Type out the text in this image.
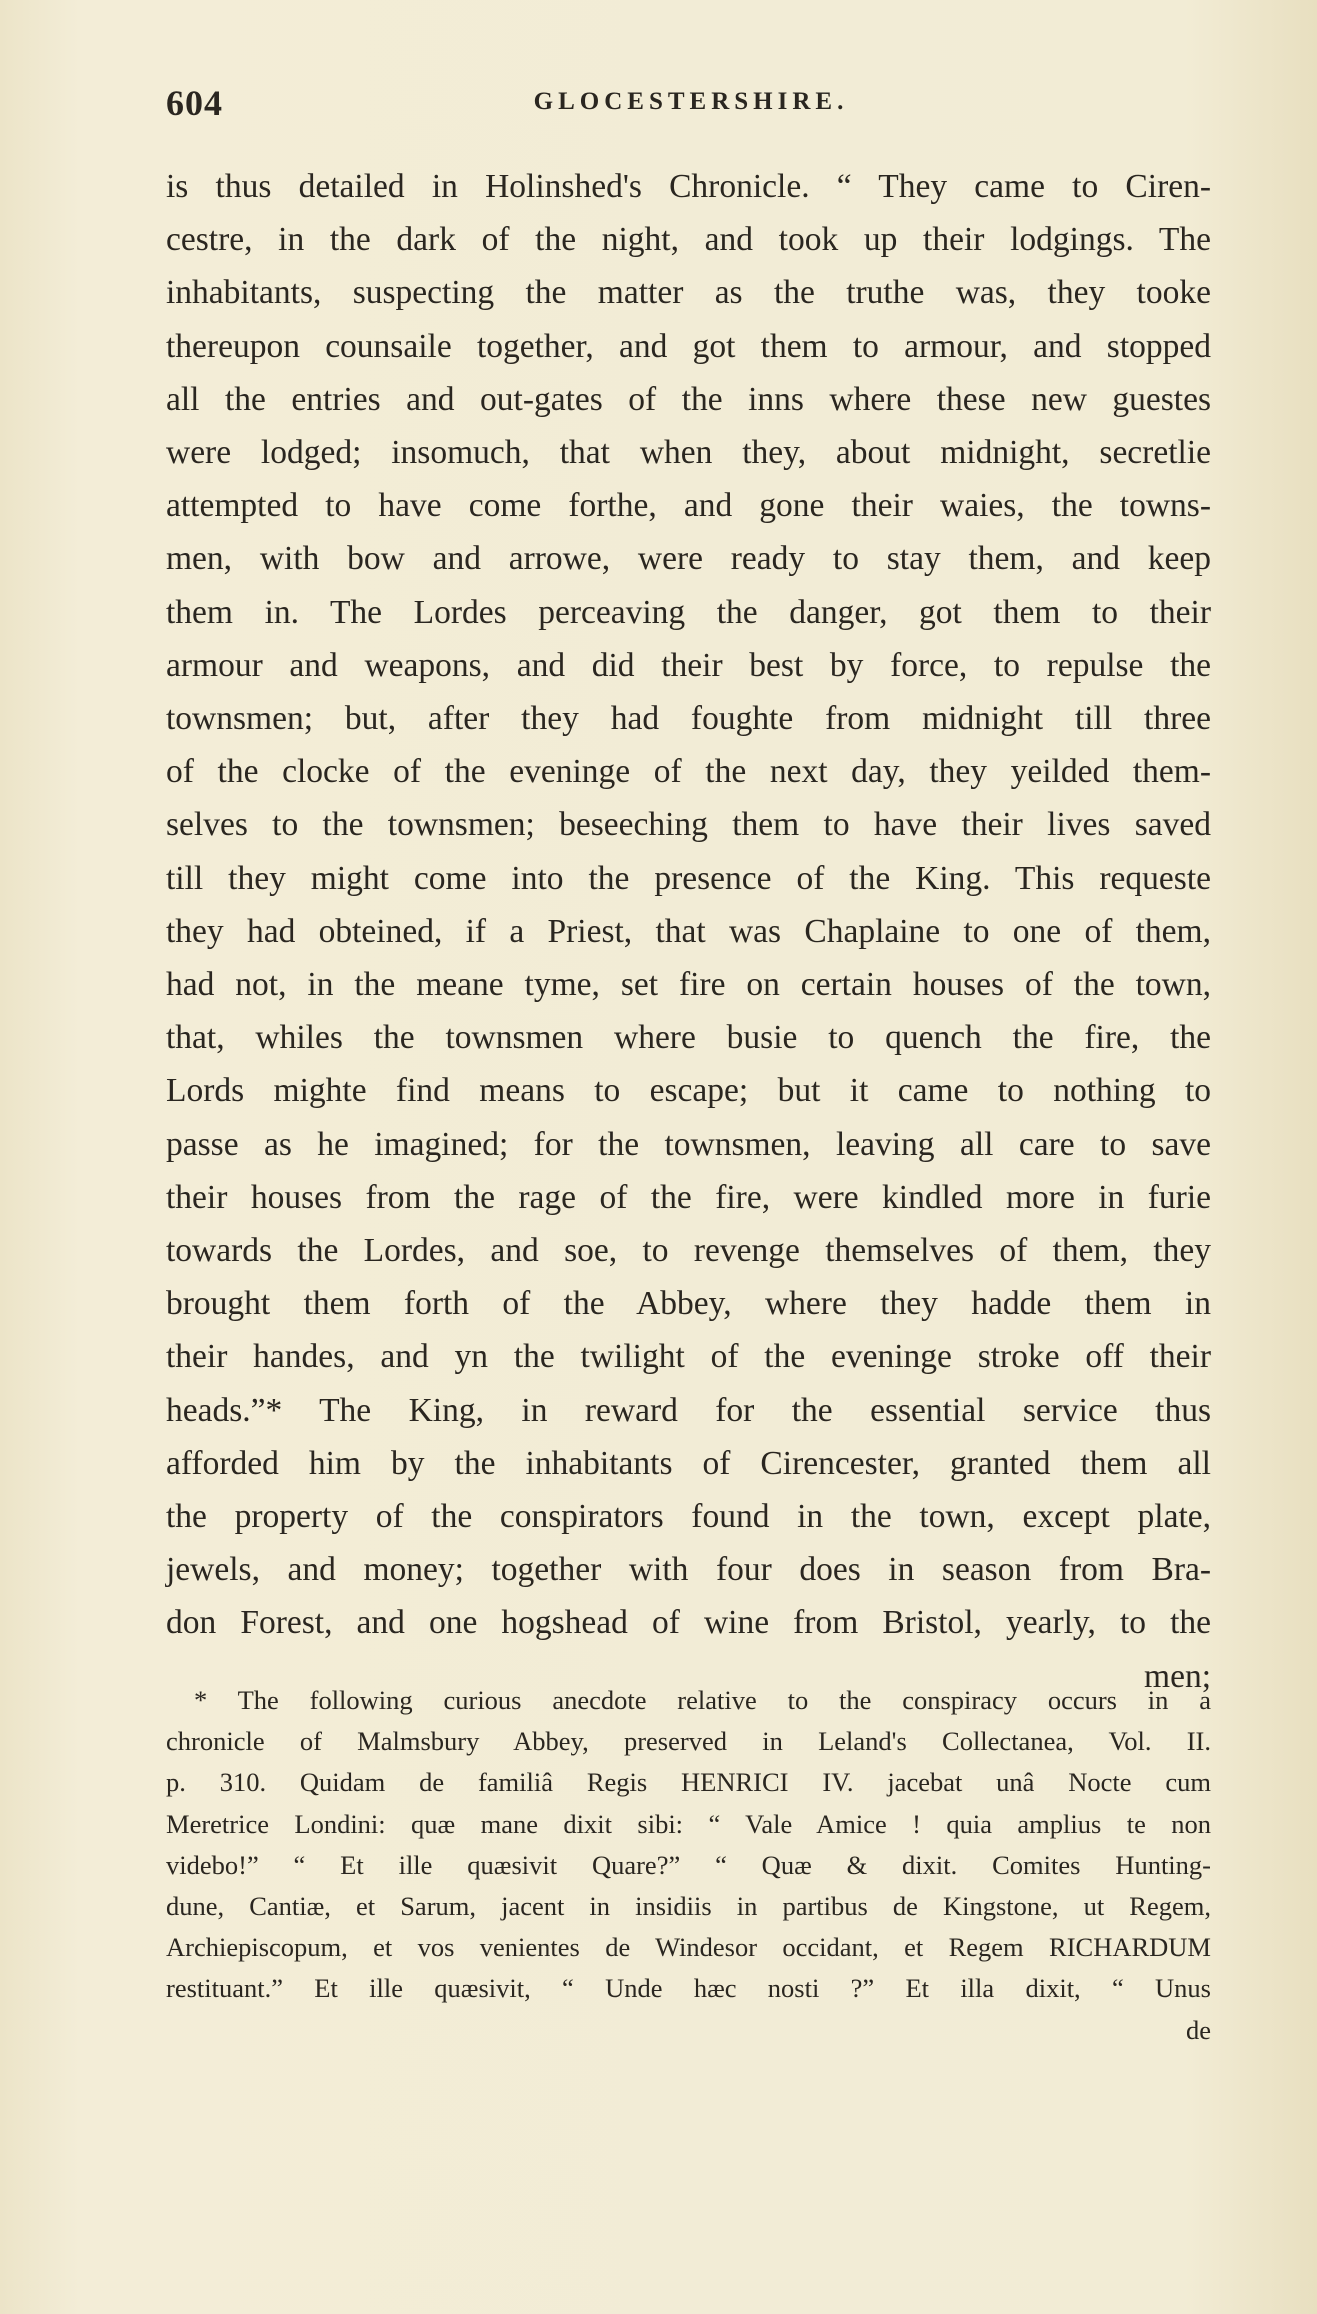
604	GLOCESTERSHIRE.
is thus detailed in Holinshed's Chronicle. “ They came to Ciren-
cestre, in the dark of the night, and took up their lodgings. The
inhabitants, suspecting the matter as the truthe was, they tooke
thereupon counsaile together, and got them to armour, and stopped
all the entries and out-gates of the inns where these new guestes
were lodged; insomuch, that when they, about midnight, secretlie
attempted to have come forthe, and gone their waies, the towns-
men, with bow and arrowe, were ready to stay them, and keep
them in. The Lordes perceaving the danger, got them to their
armour and weapons, and did their best by force, to repulse the
townsmen; but, after they had foughte from midnight till three
of the clocke of the eveninge of the next day, they yeilded them-
selves to the townsmen; beseeching them to have their lives saved
till they might come into the presence of the King. This requeste
they had obteined, if a Priest, that was Chaplaine to one of them,
had not, in the meane tyme, set fire on certain houses of the town,
that, whiles the townsmen where busie to quench the fire, the
Lords mighte find means to escape; but it came to nothing to
passe as he imagined; for the townsmen, leaving all care to save
their houses from the rage of the fire, were kindled more in furie
towards the Lordes, and soe, to revenge themselves of them, they
brought them forth of the Abbey, where they hadde them in
their handes, and yn the twilight of the eveninge stroke off their
heads.”* The King, in reward for the essential service thus
afforded him by the inhabitants of Cirencester, granted them all
the property of the conspirators found in the town, except plate,
jewels, and money; together with four does in season from Bra-
don Forest, and one hogshead of wine from Bristol, yearly, to the
men;
* The following curious anecdote relative to the conspiracy occurs in a
chronicle of Malmsbury Abbey, preserved in Leland's Collectanea, Vol. II.
p. 310. Quidam de familiâ Regis HENRICI IV. jacebat unâ Nocte cum
Meretrice Londini: quæ mane dixit sibi: “ Vale Amice ! quia amplius te non
videbo!” “ Et ille quæsivit Quare?” “ Quæ & dixit. Comites Hunting-
dune, Cantiæ, et Sarum, jacent in insidiis in partibus de Kingstone, ut Regem,
Archiepiscopum, et vos venientes de Windesor occidant, et Regem RICHARDUM
restituant.” Et ille quæsivit, “ Unde hæc nosti ?” Et illa dixit, “ Unus
de
